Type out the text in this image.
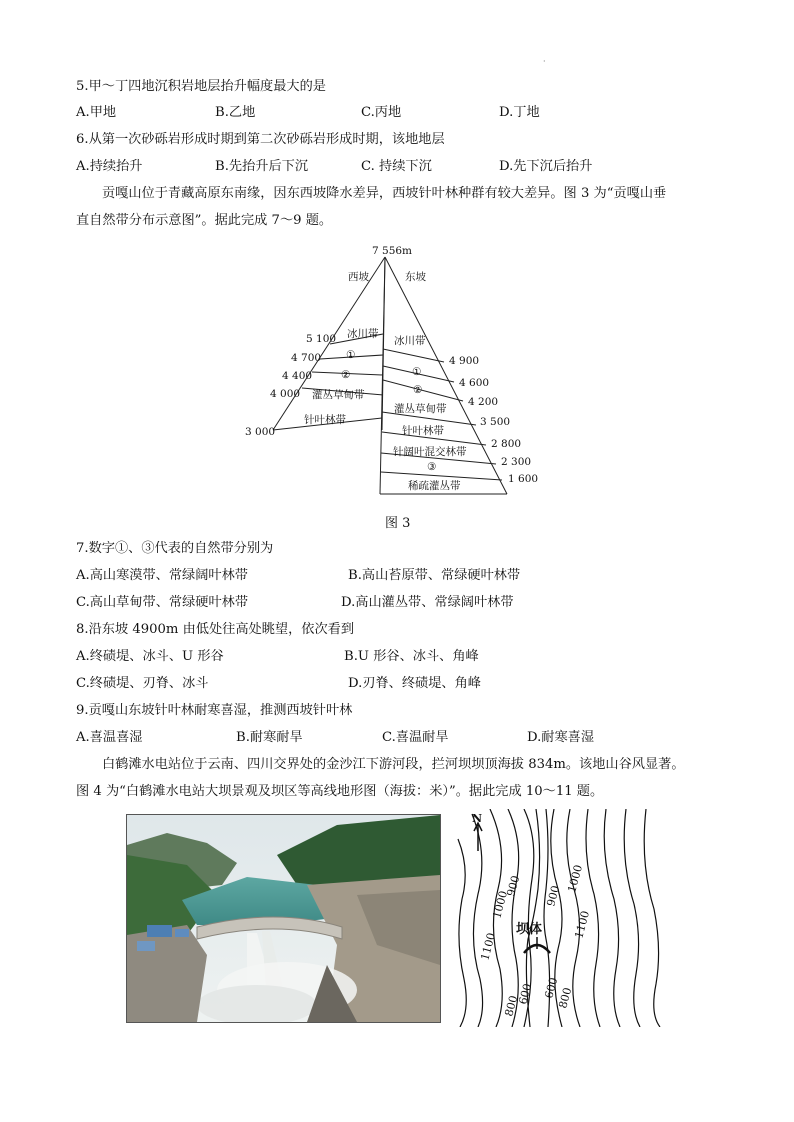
·
5.甲～丁四地沉积岩地层抬升幅度最大的是
A.甲地	B.乙地	C.丙地	D.丁地
6.从第一次砂砾岩形成时期到第二次砂砾岩形成时期，该地地层
A.持续抬升	B.先抬升后下沉	C. 持续下沉	D.先下沉后抬升
贡嘎山位于青藏高原东南缘，因东西坡降水差异，西坡针叶林种群有较大差异。图 3 为“贡嘎山垂
直自然带分布示意图”。据此完成 7～9 题。
7 556m
西坡	东坡
5 100
4 700
4 400
4 000
3 000
冰川带
①
②
灌丛草甸带
针叶林带
4 900
4 600
4 200
3 500
2 800
2 300
1 600
冰川带
①
②
灌丛草甸带
针叶林带
针阔叶混交林带
③
稀疏灌丛带
图 3
7.数字①、③代表的自然带分别为
A.高山寒漠带、常绿阔叶林带	B.高山苔原带、常绿硬叶林带
C.高山草甸带、常绿硬叶林带	D.高山灌丛带、常绿阔叶林带
8.沿东坡 4900m 由低处往高处眺望，依次看到
A.终碛堤、冰斗、U 形谷	B.U 形谷、冰斗、角峰
C.终碛堤、刃脊、冰斗	D.刃脊、终碛堤、角峰
9.贡嘎山东坡针叶林耐寒喜湿，推测西坡针叶林
A.喜温喜湿	B.耐寒耐旱	C.喜温耐旱	D.耐寒喜湿
白鹤滩水电站位于云南、四川交界处的金沙江下游河段，拦河坝坝顶海拔 834m。该地山谷风显著。
图 4 为“白鹤滩水电站大坝景观及坝区等高线地形图（海拔：米）”。据此完成 10～11 题。
N
坝体
1000
900
1100
900
1000
1100
800
600 600
800
